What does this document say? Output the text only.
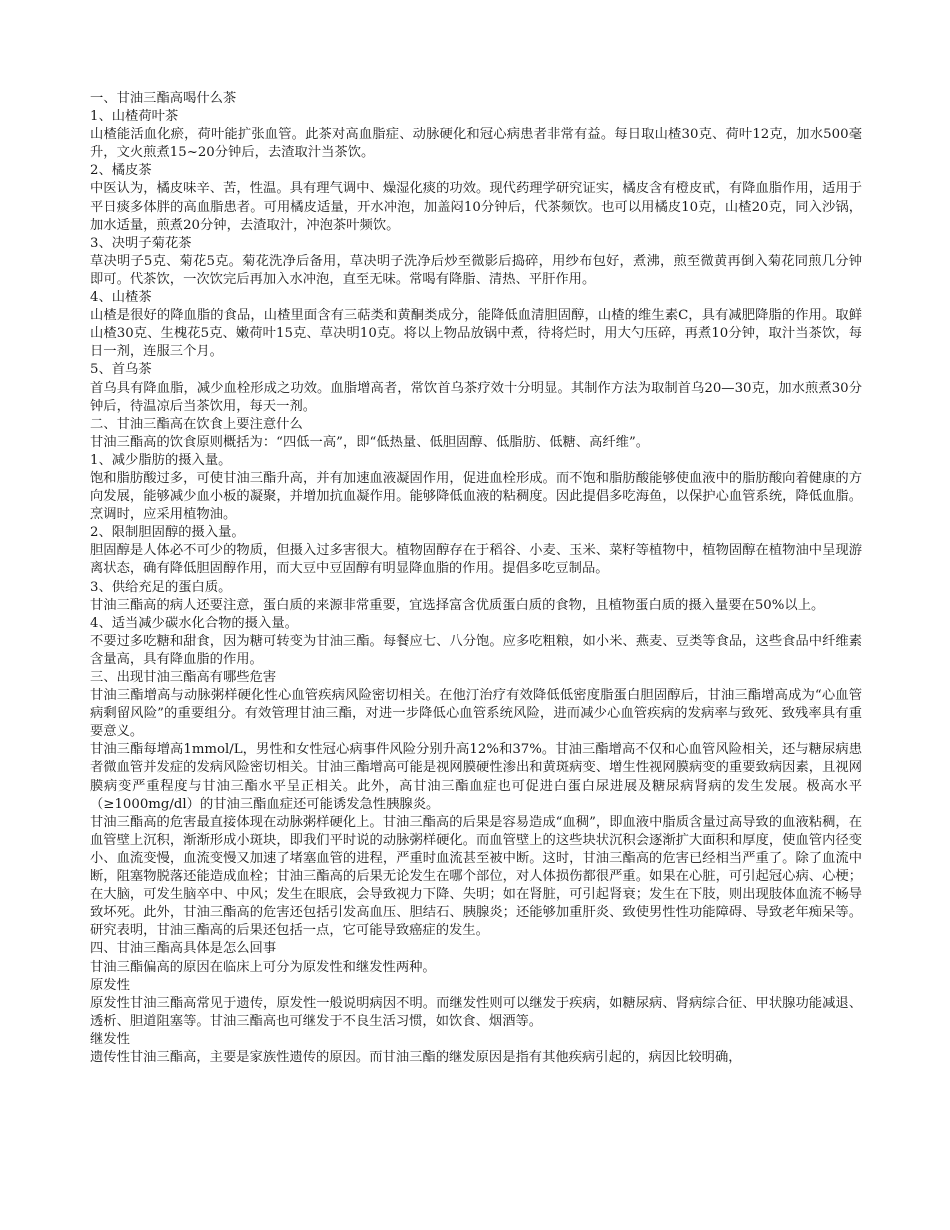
一、甘油三酯高喝什么茶

1、山楂荷叶茶

山楂能活血化瘀，荷叶能扩张血管。此茶对高血脂症、动脉硬化和冠心病患者非常有益。每日取山楂30克、荷叶12克，加水500毫升，文火煎煮15~20分钟后，去渣取汁当茶饮。

2、橘皮茶

中医认为，橘皮味辛、苦，性温。具有理气调中、燥湿化痰的功效。现代药理学研究证实，橘皮含有橙皮甙，有降血脂作用，适用于平日痰多体胖的高血脂患者。可用橘皮适量，开水冲泡，加盖闷10分钟后，代茶频饮。也可以用橘皮10克，山楂20克，同入沙锅，加水适量，煎煮20分钟，去渣取汁，冲泡茶叶频饮。

3、决明子菊花茶

草决明子5克、菊花5克。菊花洗净后备用，草决明子洗净后炒至微影后捣碎，用纱布包好，煮沸，煎至微黄再倒入菊花同煎几分钟即可。代茶饮，一次饮完后再加入水冲泡，直至无味。常喝有降脂、清热、平肝作用。

4、山楂茶

山楂是很好的降血脂的食品，山楂里面含有三萜类和黄酮类成分，能降低血清胆固醇，山楂的维生素C，具有减肥降脂的作用。取鲜山楂30克、生槐花5克、嫩荷叶15克、草决明10克。将以上物品放锅中煮，待将烂时，用大勺压碎，再煮10分钟，取汁当茶饮，每日一剂，连服三个月。

5、首乌茶

首乌具有降血脂，减少血栓形成之功效。血脂增高者，常饮首乌茶疗效十分明显。其制作方法为取制首乌20—30克，加水煎煮30分钟后，待温凉后当茶饮用，每天一剂。

二、甘油三酯高在饮食上要注意什么

甘油三酯高的饮食原则概括为：“四低一高”，即“低热量、低胆固醇、低脂肪、低糖、高纤维”。

1、减少脂肪的摄入量。

饱和脂肪酸过多，可使甘油三酯升高，并有加速血液凝固作用，促进血栓形成。而不饱和脂肪酸能够使血液中的脂肪酸向着健康的方向发展，能够减少血小板的凝聚，并增加抗血凝作用。能够降低血液的粘稠度。因此提倡多吃海鱼，以保护心血管系统，降低血脂。烹调时，应采用植物油。

2、限制胆固醇的摄入量。

胆固醇是人体必不可少的物质，但摄入过多害很大。植物固醇存在于稻谷、小麦、玉米、菜籽等植物中，植物固醇在植物油中呈现游离状态，确有降低胆固醇作用，而大豆中豆固醇有明显降血脂的作用。提倡多吃豆制品。

3、供给充足的蛋白质。

甘油三酯高的病人还要注意，蛋白质的来源非常重要，宜选择富含优质蛋白质的食物，且植物蛋白质的摄入量要在50%以上。

4、适当减少碳水化合物的摄入量。

不要过多吃糖和甜食，因为糖可转变为甘油三酯。每餐应七、八分饱。应多吃粗粮，如小米、燕麦、豆类等食品，这些食品中纤维素含量高，具有降血脂的作用。

三、出现甘油三酯高有哪些危害

甘油三酯增高与动脉粥样硬化性心血管疾病风险密切相关。在他汀治疗有效降低低密度脂蛋白胆固醇后，甘油三酯增高成为“心血管病剩留风险”的重要组分。有效管理甘油三酯，对进一步降低心血管系统风险，进而减少心血管疾病的发病率与致死、致残率具有重要意义。

甘油三酯每增高1mmol/L，男性和女性冠心病事件风险分别升高12%和37%。甘油三酯增高不仅和心血管风险相关，还与糖尿病患者微血管并发症的发病风险密切相关。甘油三酯增高可能是视网膜硬性渗出和黄斑病变、增生性视网膜病变的重要致病因素，且视网膜病变严重程度与甘油三酯水平呈正相关。此外，高甘油三酯血症也可促进白蛋白尿进展及糖尿病肾病的发生发展。极高水平（≥1000mg/dl）的甘油三酯血症还可能诱发急性胰腺炎。

甘油三酯高的危害最直接体现在动脉粥样硬化上。甘油三酯高的后果是容易造成“血稠”，即血液中脂质含量过高导致的血液粘稠，在血管壁上沉积，渐渐形成小斑块，即我们平时说的动脉粥样硬化。而血管壁上的这些块状沉积会逐渐扩大面积和厚度，使血管内径变小、血流变慢，血流变慢又加速了堵塞血管的进程，严重时血流甚至被中断。这时，甘油三酯高的危害已经相当严重了。除了血流中断，阻塞物脱落还能造成血栓；甘油三酯高的后果无论发生在哪个部位，对人体损伤都很严重。如果在心脏，可引起冠心病、心梗；在大脑，可发生脑卒中、中风；发生在眼底，会导致视力下降、失明；如在肾脏，可引起肾衰；发生在下肢，则出现肢体血流不畅导致坏死。此外，甘油三酯高的危害还包括引发高血压、胆结石、胰腺炎；还能够加重肝炎、致使男性性功能障碍、导致老年痴呆等。研究表明，甘油三酯高的后果还包括一点，它可能导致癌症的发生。

四、甘油三酯高具体是怎么回事

甘油三酯偏高的原因在临床上可分为原发性和继发性两种。

原发性

原发性甘油三酯高常见于遗传，原发性一般说明病因不明。而继发性则可以继发于疾病，如糖尿病、肾病综合征、甲状腺功能减退、透析、胆道阻塞等。甘油三酯高也可继发于不良生活习惯，如饮食、烟酒等。

继发性

遗传性甘油三酯高，主要是家族性遗传的原因。而甘油三酯的继发原因是指有其他疾病引起的，病因比较明确，
